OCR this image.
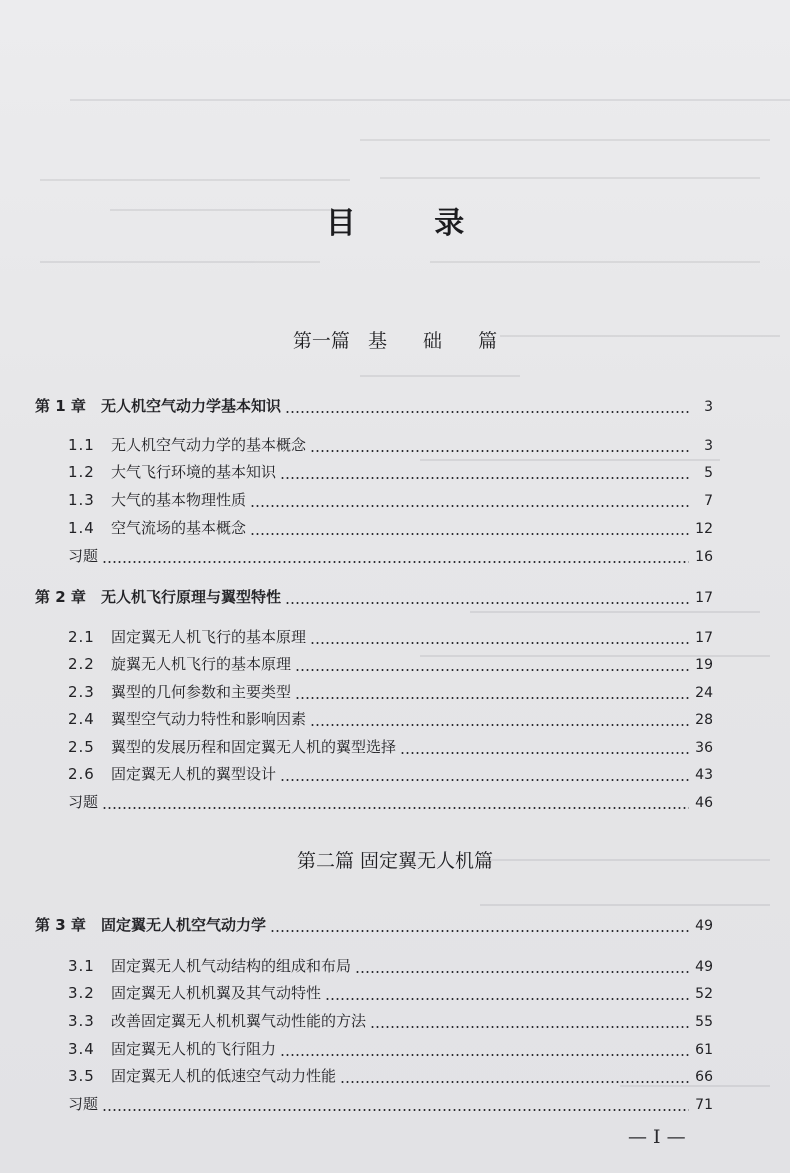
目 录
第一篇 基  础  篇
第 1 章	无人机空气动力学基本知识	3
1.1	无人机空气动力学的基本概念	3
1.2	大气飞行环境的基本知识	5
1.3	大气的基本物理性质	7
1.4	空气流场的基本概念	12
习题	16
第 2 章	无人机飞行原理与翼型特性	17
2.1	固定翼无人机飞行的基本原理	17
2.2	旋翼无人机飞行的基本原理	19
2.3	翼型的几何参数和主要类型	24
2.4	翼型空气动力特性和影响因素	28
2.5	翼型的发展历程和固定翼无人机的翼型选择	36
2.6	固定翼无人机的翼型设计	43
习题	46
第二篇 固定翼无人机篇
第 3 章	固定翼无人机空气动力学	49
3.1	固定翼无人机气动结构的组成和布局	49
3.2	固定翼无人机机翼及其气动特性	52
3.3	改善固定翼无人机机翼气动性能的方法	55
3.4	固定翼无人机的飞行阻力	61
3.5	固定翼无人机的低速空气动力性能	66
习题	71
— I —
